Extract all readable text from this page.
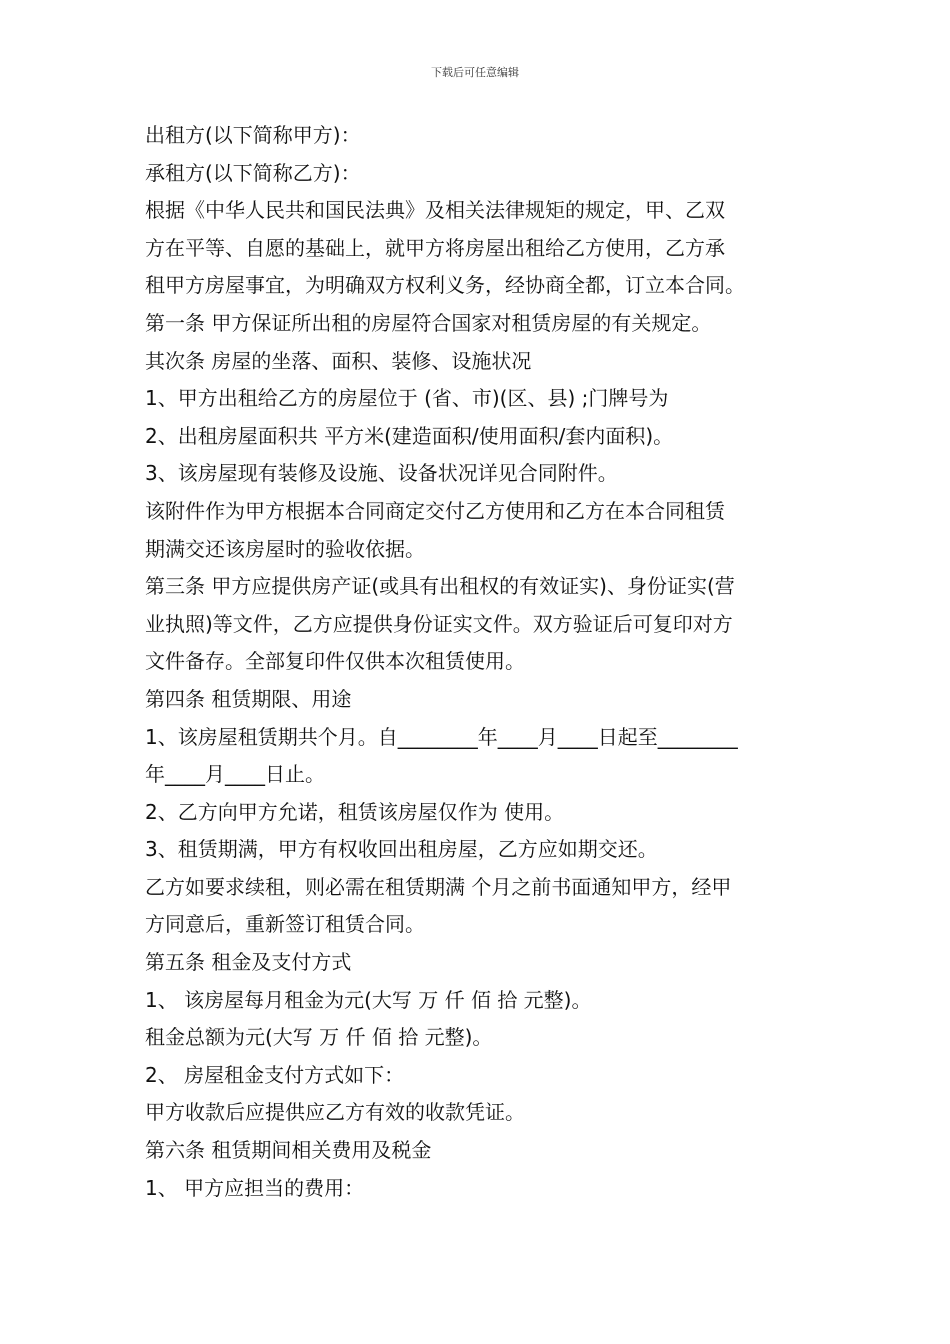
下载后可任意编辑
出租方(以下简称甲方)：
承租方(以下简称乙方)：
根据《中华人民共和国民法典》及相关法律规矩的规定，甲、乙双
方在平等、自愿的基础上，就甲方将房屋出租给乙方使用，乙方承
租甲方房屋事宜，为明确双方权利义务，经协商全都，订立本合同。
第一条 甲方保证所出租的房屋符合国家对租赁房屋的有关规定。
其次条 房屋的坐落、面积、装修、设施状况
1、甲方出租给乙方的房屋位于 (省、市)(区、县) ;门牌号为
2、出租房屋面积共 平方米(建造面积/使用面积/套内面积)。
3、该房屋现有装修及设施、设备状况详见合同附件。
该附件作为甲方根据本合同商定交付乙方使用和乙方在本合同租赁
期满交还该房屋时的验收依据。
第三条 甲方应提供房产证(或具有出租权的有效证实)、身份证实(营
业执照)等文件，乙方应提供身份证实文件。双方验证后可复印对方
文件备存。全部复印件仅供本次租赁使用。
第四条 租赁期限、用途
1、该房屋租赁期共个月。自________年____月____日起至________
年____月____日止。
2、乙方向甲方允诺，租赁该房屋仅作为 使用。
3、租赁期满，甲方有权收回出租房屋，乙方应如期交还。
乙方如要求续租，则必需在租赁期满 个月之前书面通知甲方，经甲
方同意后，重新签订租赁合同。
第五条 租金及支付方式
1、 该房屋每月租金为元(大写 万 仟 佰 拾 元整)。
租金总额为元(大写 万 仟 佰 拾 元整)。
2、 房屋租金支付方式如下：
甲方收款后应提供应乙方有效的收款凭证。
第六条 租赁期间相关费用及税金
1、 甲方应担当的费用：
